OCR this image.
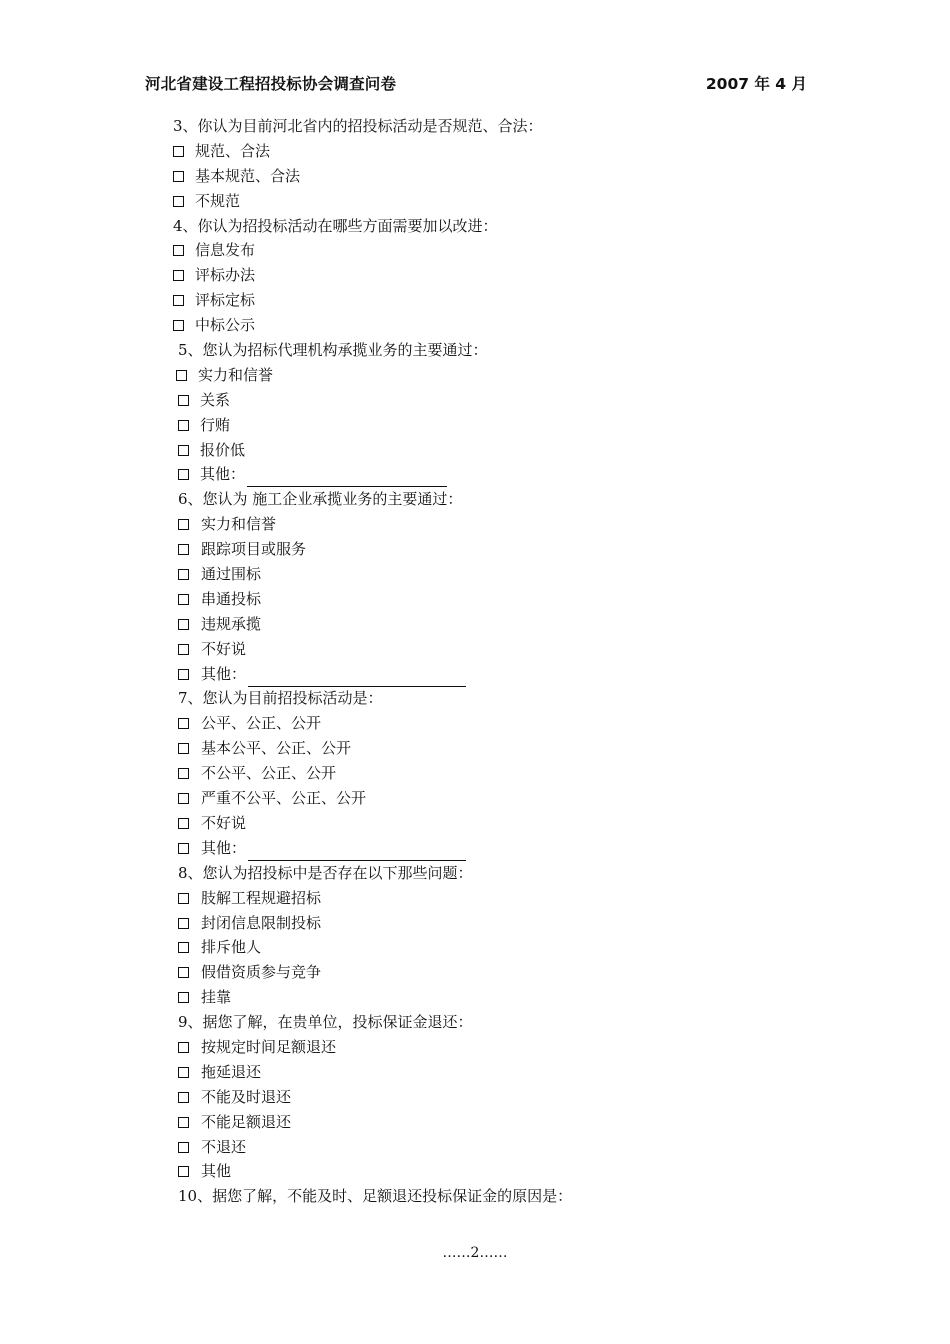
河北省建设工程招投标协会调查问卷	2007 年 4 月
3、你认为目前河北省内的招投标活动是否规范、合法：
规范、合法
基本规范、合法
不规范
4、你认为招投标活动在哪些方面需要加以改进：
信息发布
评标办法
评标定标
中标公示
5、您认为招标代理机构承揽业务的主要通过：
实力和信誉
关系
行贿
报价低
其他：
6、您认为 施工企业承揽业务的主要通过：
实力和信誉
跟踪项目或服务
通过围标
串通投标
违规承揽
不好说
其他：
7、您认为目前招投标活动是：
公平、公正、公开
基本公平、公正、公开
不公平、公正、公开
严重不公平、公正、公开
不好说
其他：
8、您认为招投标中是否存在以下那些问题：
肢解工程规避招标
封闭信息限制投标
排斥他人
假借资质参与竞争
挂靠
9、据您了解，在贵单位，投标保证金退还：
按规定时间足额退还
拖延退还
不能及时退还
不能足额退还
不退还
其他
10、据您了解，不能及时、足额退还投标保证金的原因是：
……2……
